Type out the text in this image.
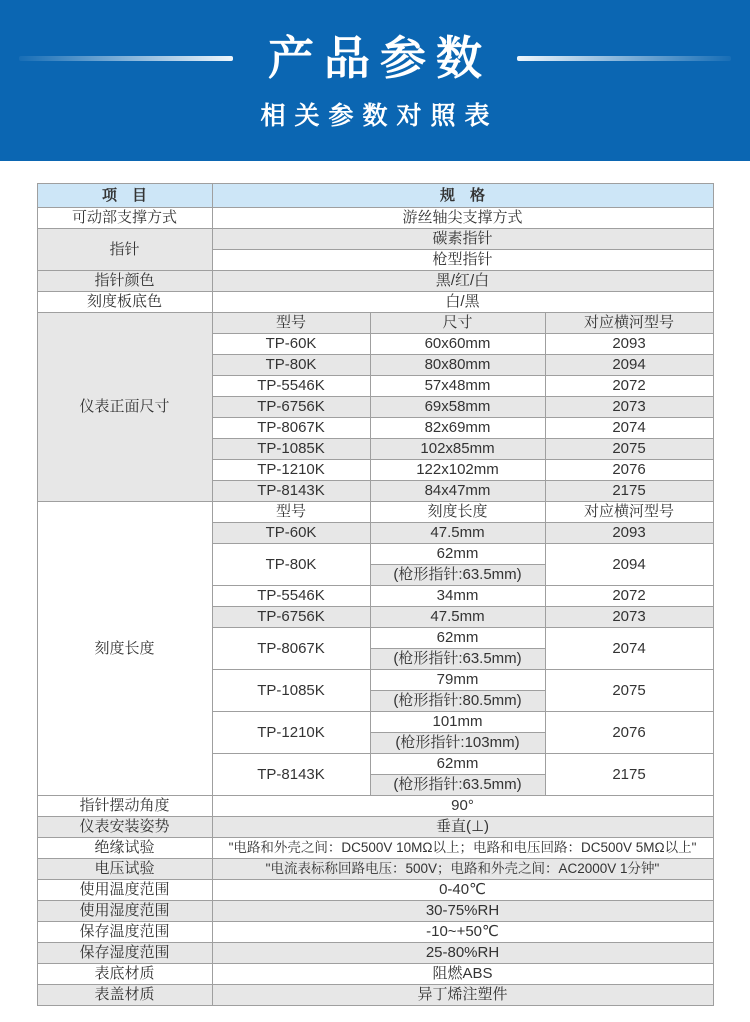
产品参数
相关参数对照表
项　目	规　格		
可动部支撑方式	游丝轴尖支撑方式		
指针	碳素指针		
	枪型指针		
指针颜色	黑/红/白		
刻度板底色	白/黑		
仪表正面尺寸	型号	尺寸	对应横河型号
	TP-60K	60x60mm	2093
	TP-80K	80x80mm	2094
	TP-5546K	57x48mm	2072
	TP-6756K	69x58mm	2073
	TP-8067K	82x69mm	2074
	TP-1085K	102x85mm	2075
	TP-1210K	122x102mm	2076
	TP-8143K	84x47mm	2175
刻度长度	型号	刻度长度	对应横河型号
	TP-60K	47.5mm	2093
	TP-80K	62mm	2094
		(枪形指针:63.5mm)	
	TP-5546K	34mm	2072
	TP-6756K	47.5mm	2073
	TP-8067K	62mm	2074
		(枪形指针:63.5mm)	
	TP-1085K	79mm	2075
		(枪形指针:80.5mm)	
	TP-1210K	101mm	2076
		(枪形指针:103mm)	
	TP-8143K	62mm	2175
		(枪形指针:63.5mm)	
指针摆动角度	90°		
仪表安装姿势	垂直(⊥)		
绝缘试验	"电路和外壳之间：DC500V 10MΩ以上；电路和电压回路：DC500V 5MΩ以上"		
电压试验	"电流表标称回路电压：500V；电路和外壳之间：AC2000V 1分钟"		
使用温度范围	0-40℃		
使用湿度范围	30-75%RH		
保存温度范围	-10~+50℃		
保存湿度范围	25-80%RH		
表底材质	阻燃ABS		
表盖材质	异丁烯注塑件		
